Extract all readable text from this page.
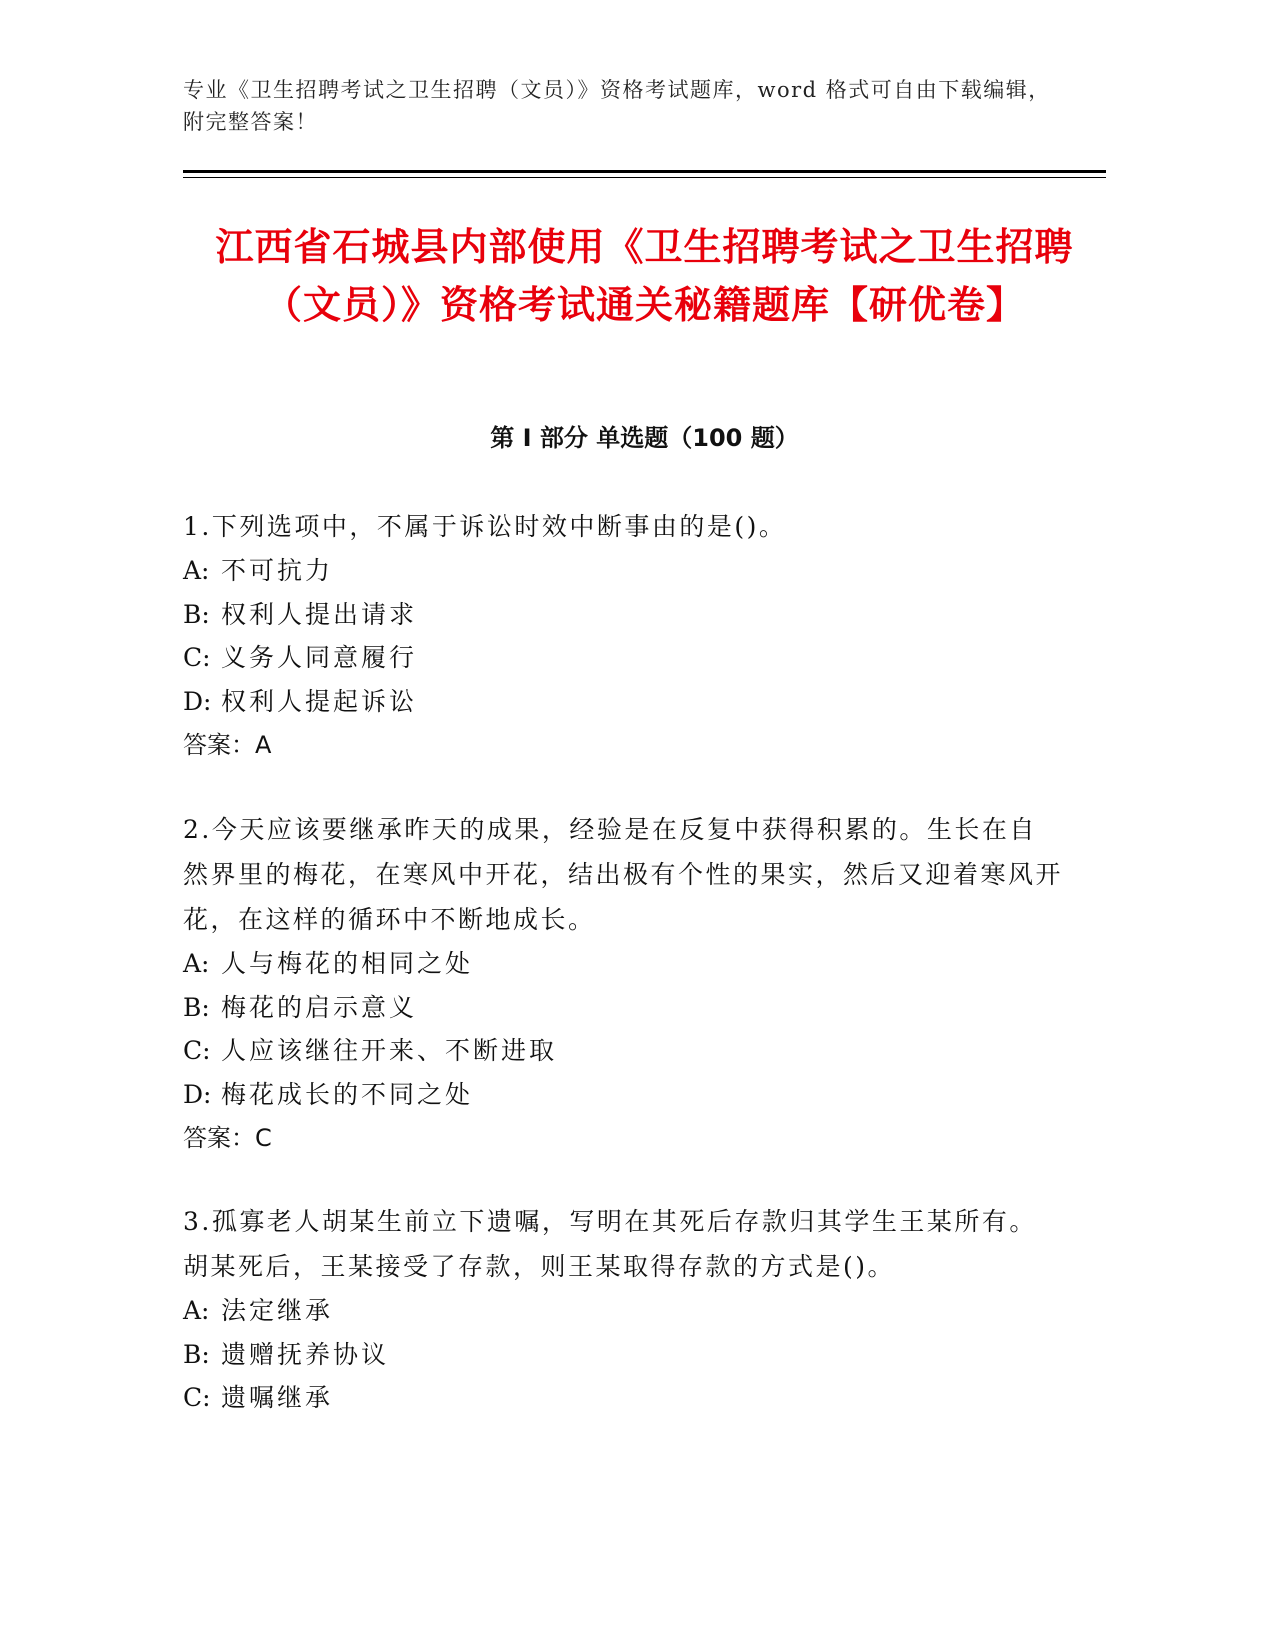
专业《卫生招聘考试之卫生招聘（文员）》资格考试题库，word 格式可自由下载编辑，附完整答案！
江西省石城县内部使用《卫生招聘考试之卫生招聘（文员）》资格考试通关秘籍题库【研优卷】
第 I 部分 单选题（100 题）
1.下列选项中，不属于诉讼时效中断事由的是()。
A: 不可抗力
B: 权利人提出请求
C: 义务人同意履行
D: 权利人提起诉讼
答案：A
2.今天应该要继承昨天的成果，经验是在反复中获得积累的。生长在自然界里的梅花，在寒风中开花，结出极有个性的果实，然后又迎着寒风开花，在这样的循环中不断地成长。
A: 人与梅花的相同之处
B: 梅花的启示意义
C: 人应该继往开来、不断进取
D: 梅花成长的不同之处
答案：C
3.孤寡老人胡某生前立下遗嘱，写明在其死后存款归其学生王某所有。胡某死后，王某接受了存款，则王某取得存款的方式是()。
A: 法定继承
B: 遗赠抚养协议
C: 遗嘱继承
